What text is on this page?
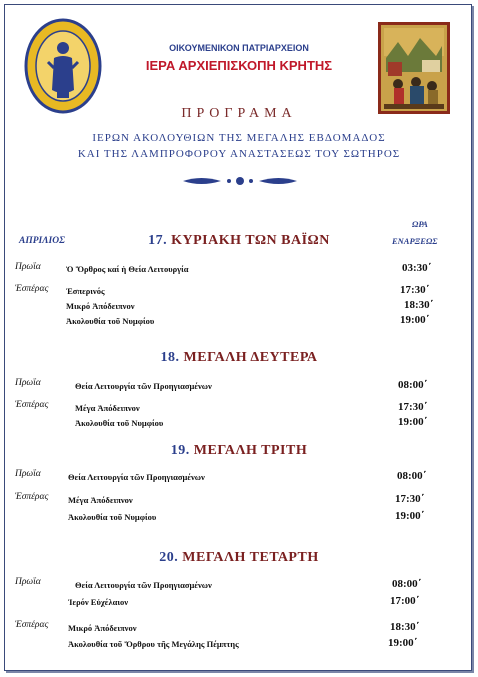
ΟΙΚΟΥΜΕΝΙΚΟΝ ΠΑΤΡΙΑΡΧΕΙΟΝ
ΙΕΡΑ ΑΡΧΙΕΠΙΣΚΟΠΗ ΚΡΗΤΗΣ
ΠΡΟΓΡΑΜΑ
ΙΕΡΩΝ ΑΚΟΛΟΥΘΙΩΝ ΤΗΣ ΜΕΓΑΛΗΣ ΕΒΔΟΜΑΔΟΣ
ΚΑΙ ΤΗΣ ΛΑΜΠΡΟΦΟΡΟΥ ΑΝΑΣΤΑΣΕΩΣ ΤΟΥ ΣΩΤΗΡΟΣ
ΑΠΡΙΛΙΟΣ
ΩΡΑ
ΕΝΑΡΞΕΩΣ
17. ΚΥΡΙΑΚΗ ΤΩΝ ΒΑΪΩΝ
Πρωΐα	Ὁ Ὄρθρος καί ἡ Θεία Λειτουργία	03:30΄
Ἑσπέρας Ἑσπερινός	17:30΄
Μικρό Ἀπόδειπνον	18:30΄
Ἀκολουθία τοῦ Νυμφίου	19:00΄
18. ΜΕΓΑΛΗ ΔΕΥΤΕΡΑ
Πρωΐα	Θεία Λειτουργία τῶν Προηγιασμένων	08:00΄
Ἑσπέρας	Μέγα Ἀπόδειπνον	17:30΄
Ἀκολουθία τοῦ Νυμφίου	19:00΄
19. ΜΕΓΑΛΗ ΤΡΙΤΗ
Πρωΐα	Θεία Λειτουργία τῶν Προηγιασμένων	08:00΄
Ἑσπέρας Μέγα Ἀπόδειπνον	17:30΄
Ἀκολουθία τοῦ Νυμφίου	19:00΄
20. ΜΕΓΑΛΗ ΤΕΤΑΡΤΗ
Πρωΐα	Θεία Λειτουργία τῶν Προηγιασμένων	08:00΄
Ἱερόν Εὐχέλαιον	17:00΄
Ἑσπέρας Μικρό Ἀπόδειπνον	18:30΄
Ἀκολουθία τοῦ Ὄρθρου τῆς Μεγάλης Πέμπτης	19:00΄
